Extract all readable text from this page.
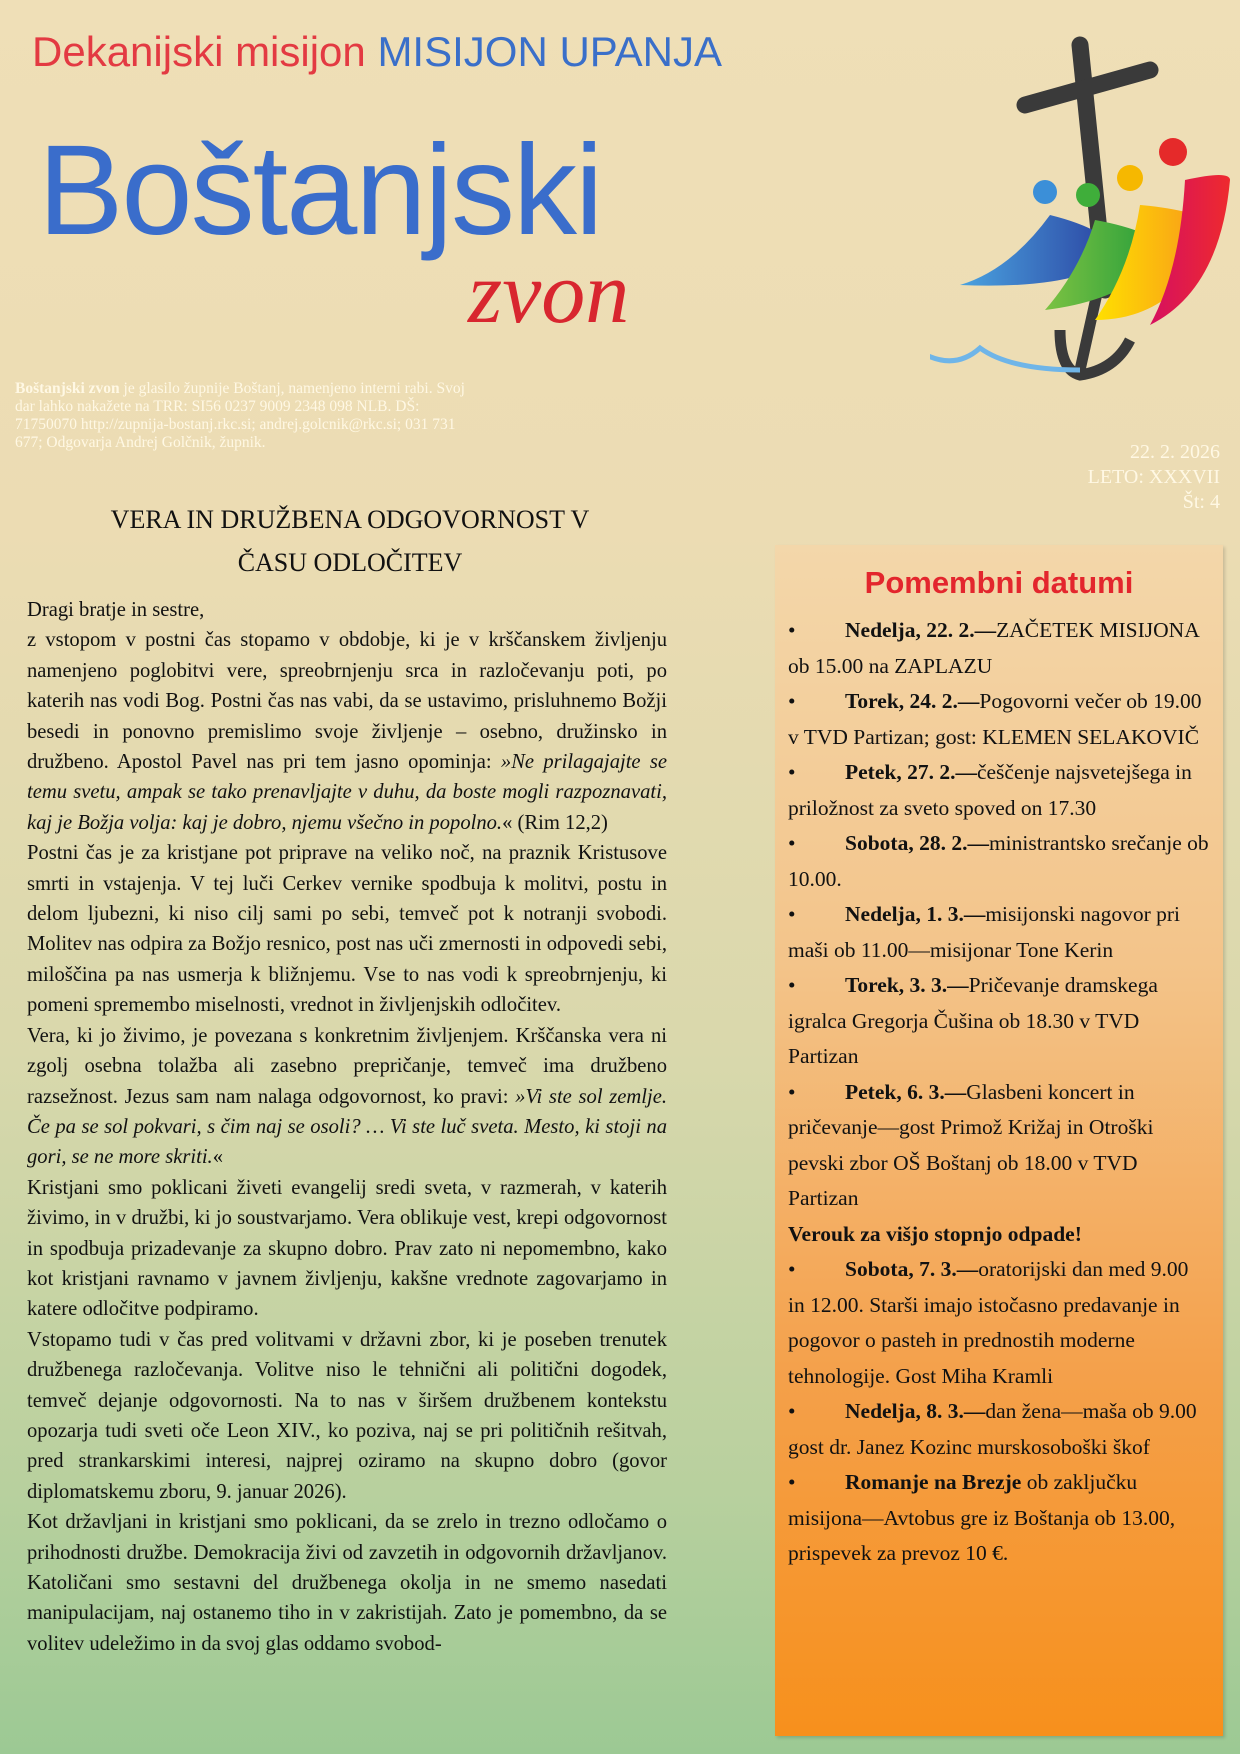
Dekanijski misijon MISIJON UPANJA
Boštanjski
zvon
Boštanjski zvon je glasilo župnije Boštanj, namenjeno interni rabi. Svoj dar lahko nakažete na TRR: SI56 0237 9009 2348 098 NLB. DŠ: 71750070 http://zupnija-bostanj.rkc.si; andrej.golcnik@rkc.si; 031 731 677; Odgovarja Andrej Golčnik, župnik.	22. 2. 2026
LETO: XXXVII
Št: 4
VERA IN DRUŽBENA ODGOVORNOST V
ČASU ODLOČITEV

Dragi bratje in sestre,

z vstopom v postni čas stopamo v obdobje, ki je v krščanskem življenju namenjeno poglobitvi vere, spreobrnjenju srca in razločevanju poti, po katerih nas vodi Bog. Postni čas nas vabi, da se ustavimo, prisluhnemo Božji besedi in ponovno premislimo svoje življenje – osebno, družinsko in družbeno. Apostol Pavel nas pri tem jasno opominja: »Ne prilagajajte se temu svetu, ampak se tako prenavljajte v duhu, da boste mogli razpoznavati, kaj je Božja volja: kaj je dobro, njemu všečno in popolno.« (Rim 12,2)

Postni čas je za kristjane pot priprave na veliko noč, na praznik Kristusove smrti in vstajenja. V tej luči Cerkev vernike spodbuja k molitvi, postu in delom ljubezni, ki niso cilj sami po sebi, temveč pot k notranji svobodi. Molitev nas odpira za Božjo resnico, post nas uči zmernosti in odpovedi sebi, miloščina pa nas usmerja k bližnjemu. Vse to nas vodi k spreobrnjenju, ki pomeni spremembo miselnosti, vrednot in življenjskih odločitev.

Vera, ki jo živimo, je povezana s konkretnim življenjem. Krščanska vera ni zgolj osebna tolažba ali zasebno prepričanje, temveč ima družbeno razsežnost. Jezus sam nam nalaga odgovornost, ko pravi: »Vi ste sol zemlje. Če pa se sol pokvari, s čim naj se osoli? … Vi ste luč sveta. Mesto, ki stoji na gori, se ne more skriti.«

Kristjani smo poklicani živeti evangelij sredi sveta, v razmerah, v katerih živimo, in v družbi, ki jo soustvarjamo. Vera oblikuje vest, krepi odgovornost in spodbuja prizadevanje za skupno dobro. Prav zato ni nepomembno, kako kot kristjani ravnamo v javnem življenju, kakšne vrednote zagovarjamo in katere odločitve podpiramo.

Vstopamo tudi v čas pred volitvami v državni zbor, ki je poseben trenutek družbenega razločevanja. Volitve niso le tehnični ali politični dogodek, temveč dejanje odgovornosti. Na to nas v širšem družbenem kontekstu opozarja tudi sveti oče Leon XIV., ko poziva, naj se pri političnih rešitvah, pred strankarskimi interesi, najprej oziramo na skupno dobro (govor diplomatskemu zboru, 9. januar 2026).

Kot državljani in kristjani smo poklicani, da se zrelo in trezno odločamo o prihodnosti družbe. Demokracija živi od zavzetih in odgovornih državljanov. Katoličani smo sestavni del družbenega okolja in ne smemo nasedati manipulacijam, naj ostanemo tiho in v zakristijah. Zato je pomembno, da se volitev udeležimo in da svoj glas oddamo svobod-

Pomembni datumi

• Nedelja, 22. 2.—ZAČETEK MISIJONA ob 15.00 na ZAPLAZU

• Torek, 24. 2.—Pogovorni večer ob 19.00 v TVD Partizan; gost: KLEMEN SELAKOVIČ

• Petek, 27. 2.—češčenje najsvetejšega in priložnost za sveto spoved on 17.30

• Sobota, 28. 2.—ministrantsko srečanje ob 10.00.

• Nedelja, 1. 3.—misijonski nagovor pri maši ob 11.00—misijonar Tone Kerin

• Torek, 3. 3.—Pričevanje dramskega igralca Gregorja Čušina ob 18.30 v TVD Partizan

• Petek, 6. 3.—Glasbeni koncert in pričevanje—gost Primož Križaj in Otroški pevski zbor OŠ Boštanj ob 18.00 v TVD Partizan

Verouk za višjo stopnjo odpade!

• Sobota, 7. 3.—oratorijski dan med 9.00 in 12.00. Starši imajo istočasno predavanje in pogovor o pasteh in prednostih moderne tehnologije. Gost Miha Kramli

• Nedelja, 8. 3.—dan žena—maša ob 9.00 gost dr. Janez Kozinc murskosoboški škof

• Romanje na Brezje ob zaključku misijona—Avtobus gre iz Boštanja ob 13.00, prispevek za prevoz 10 €.
